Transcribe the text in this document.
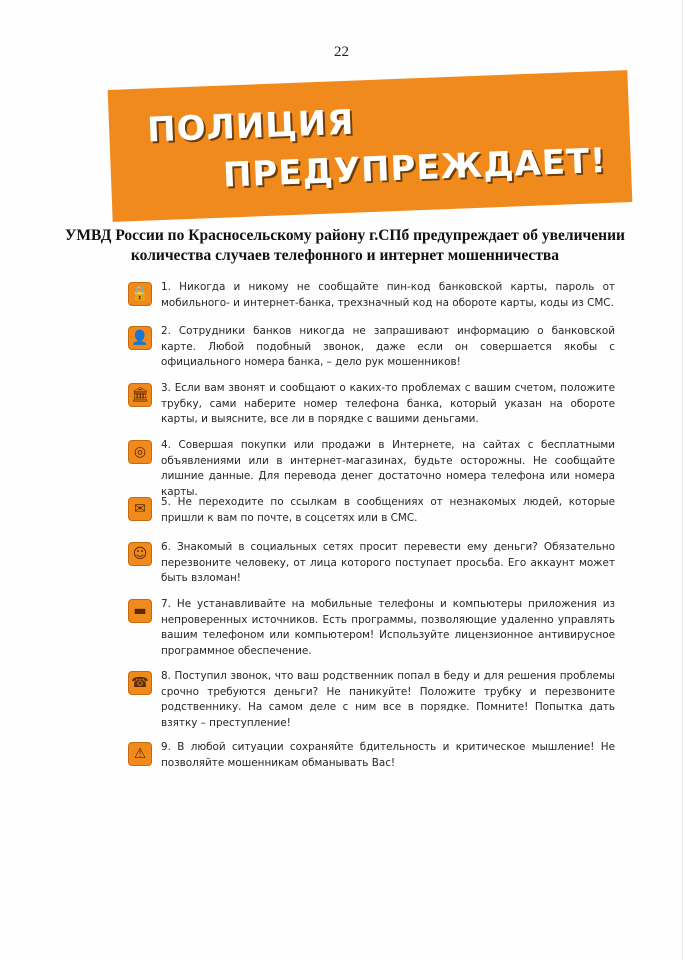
22
ПОЛИЦИЯ
ПРЕДУПРЕЖДАЕТ!
УМВД России по Красносельскому району г.СПб предупреждает об увеличении количества случаев телефонного и интернет мошенничества
🔒	1. Никогда и никому не сообщайте пин-код банковской карты, пароль от мобильного- и интернет-банка, трехзначный код на обороте карты, коды из СМС.
👤	2. Сотрудники банков никогда не запрашивают информацию о банковской карте. Любой подобный звонок, даже если он совершается якобы с официального номера банка, – дело рук мошенников!
🏛 3. Если вам звонят и сообщают о каких-то проблемах с вашим счетом, положите трубку, сами наберите номер телефона банка, который указан на обороте карты, и выясните, все ли в порядке с вашими деньгами.
◎	4. Совершая покупки или продажи в Интернете, на сайтах с бесплатными объявлениями или в интернет-магазинах, будьте осторожны. Не сообщайте лишние данные. Для перевода денег достаточно номера телефона или номера карты.
✉	5. Не переходите по ссылкам в сообщениях от незнакомых людей, которые пришли к вам по почте, в соцсетях или в СМС.
☺	6. Знакомый в социальных сетях просит перевести ему деньги? Обязательно перезвоните человеку, от лица которого поступает просьба. Его аккаунт может быть взломан!
▬	7. Не устанавливайте на мобильные телефоны и компьютеры приложения из непроверенных источников. Есть программы, позволяющие удаленно управлять вашим телефоном или компьютером! Используйте лицензионное антивирусное программное обеспечение.
☎	8. Поступил звонок, что ваш родственник попал в беду и для решения проблемы срочно требуются деньги? Не паникуйте! Положите трубку и перезвоните родственнику. На самом деле с ним все в порядке. Помните! Попытка дать взятку – преступление!
⚠	9. В любой ситуации сохраняйте бдительность и критическое мышление! Не позволяйте мошенникам обманывать Вас!
